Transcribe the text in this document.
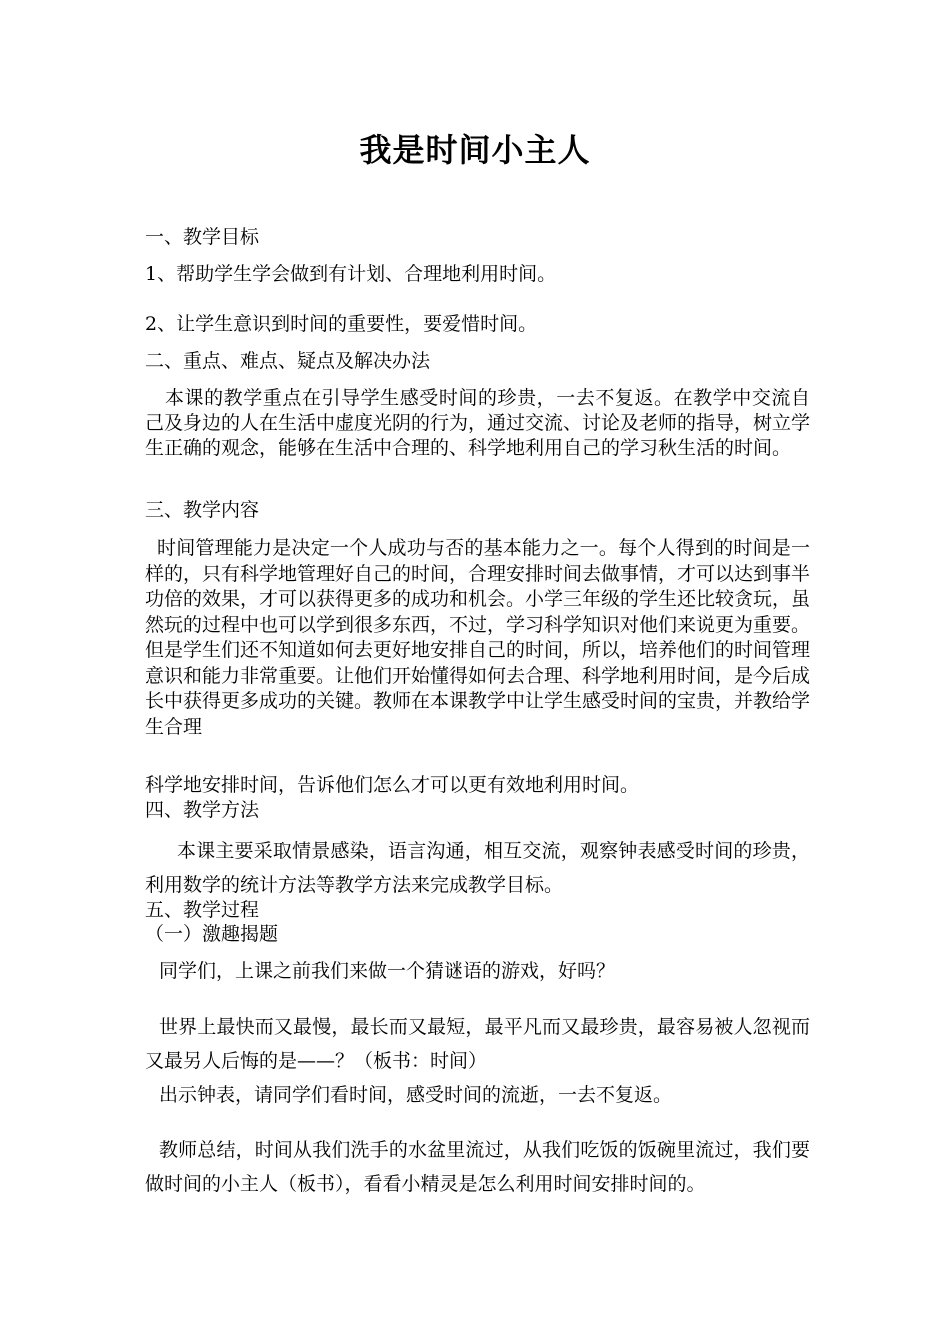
我是时间小主人
一、教学目标
1、帮助学生学会做到有计划、合理地利用时间。
2、让学生意识到时间的重要性，要爱惜时间。
二、重点、难点、疑点及解决办法
本课的教学重点在引导学生感受时间的珍贵，一去不复返。在教学中交流自己及身边的人在生活中虚度光阴的行为，通过交流、讨论及老师的指导，树立学生正确的观念，能够在生活中合理的、科学地利用自己的学习秋生活的时间。
三、教学内容
时间管理能力是决定一个人成功与否的基本能力之一。每个人得到的时间是一样的，只有科学地管理好自己的时间，合理安排时间去做事情，才可以达到事半功倍的效果，才可以获得更多的成功和机会。小学三年级的学生还比较贪玩，虽然玩的过程中也可以学到很多东西，不过，学习科学知识对他们来说更为重要。但是学生们还不知道如何去更好地安排自己的时间，所以，培养他们的时间管理意识和能力非常重要。让他们开始懂得如何去合理、科学地利用时间，是今后成长中获得更多成功的关键。教师在本课教学中让学生感受时间的宝贵，并教给学生合理
科学地安排时间，告诉他们怎么才可以更有效地利用时间。
四、教学方法
本课主要采取情景感染，语言沟通，相互交流，观察钟表感受时间的珍贵，利用数学的统计方法等教学方法来完成教学目标。
五、教学过程
（一）激趣揭题
同学们，上课之前我们来做一个猜谜语的游戏，好吗？
世界上最快而又最慢，最长而又最短，最平凡而又最珍贵，最容易被人忽视而又最另人后悔的是——？（板书：时间）
出示钟表，请同学们看时间，感受时间的流逝，一去不复返。
教师总结，时间从我们洗手的水盆里流过，从我们吃饭的饭碗里流过，我们要做时间的小主人（板书），看看小精灵是怎么利用时间安排时间的。
